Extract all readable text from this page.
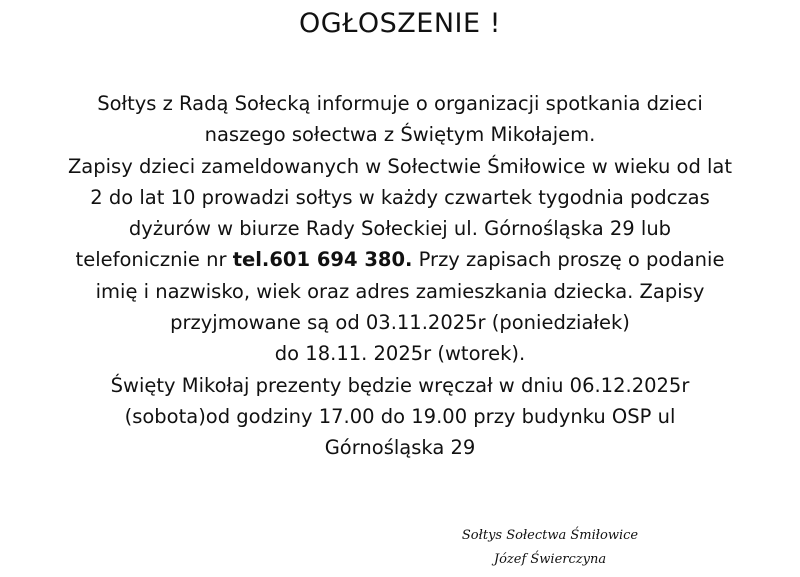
OGŁOSZENIE !
Sołtys z Radą Sołecką informuje o organizacji spotkania dzieci
naszego sołectwa z Świętym Mikołajem.
Zapisy dzieci zameldowanych w Sołectwie Śmiłowice w wieku od lat
2 do lat 10 prowadzi sołtys w każdy czwartek tygodnia podczas
dyżurów w biurze Rady Sołeckiej ul. Górnośląska 29 lub
telefonicznie nr tel.601 694 380. Przy zapisach proszę o podanie
imię i nazwisko, wiek oraz adres zamieszkania dziecka. Zapisy
przyjmowane są od 03.11.2025r (poniedziałek)
do 18.11. 2025r (wtorek).
Święty Mikołaj prezenty będzie wręczał w dniu 06.12.2025r
(sobota)od godziny 17.00 do 19.00 przy budynku OSP ul
Górnośląska 29
Sołtys Sołectwa Śmiłowice
Józef Świerczyna
